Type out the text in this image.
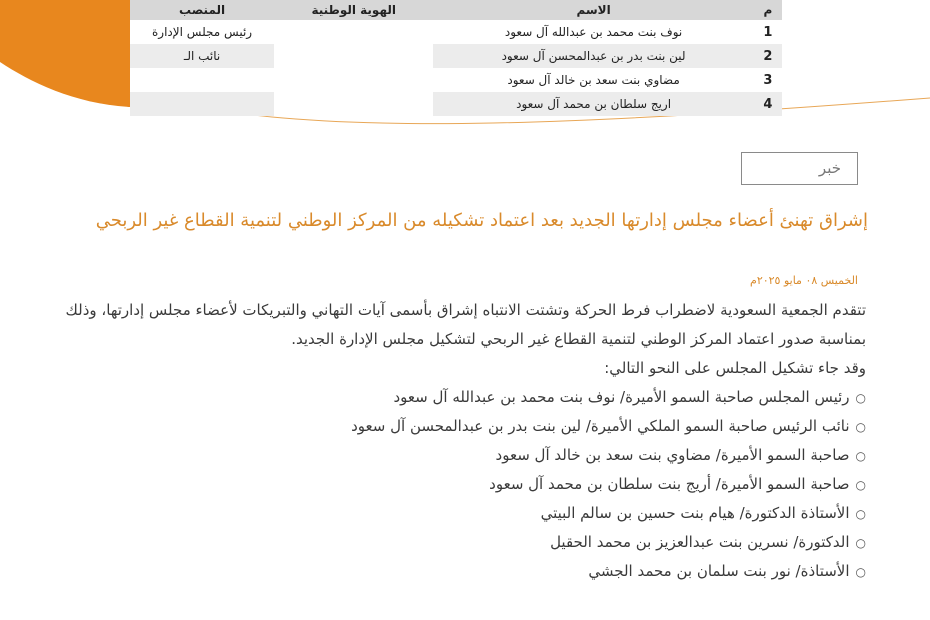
م	الاسم	الهوية الوطنية	المنصب
1	نوف بنت محمد بن عبدالله آل سعود		رئيس مجلس الإدارة
2	لين بنت بدر بن عبدالمحسن آل سعود		نائب الـ
3	مضاوي بنت سعد بن خالد آل سعود		
4	اريج سلطان بن محمد آل سعود		
خبر
إشراق تهنئ أعضاء مجلس إدارتها الجديد بعد اعتماد تشكيله من المركز الوطني لتنمية القطاع غير الربحي
الخميس ٠٨ مايو ٢٠٢٥م

تتقدم الجمعية السعودية لاضطراب فرط الحركة وتشتت الانتباه إشراق بأسمى آيات التهاني والتبريكات لأعضاء مجلس إدارتها، وذلك بمناسبة صدور اعتماد المركز الوطني لتنمية القطاع غير الربحي لتشكيل مجلس الإدارة الجديد.

وقد جاء تشكيل المجلس على النحو التالي:

○رئيس المجلس صاحبة السمو الأميرة/ نوف بنت محمد بن عبدالله آل سعود
○نائب الرئيس صاحبة السمو الملكي الأميرة/ لين بنت بدر بن عبدالمحسن آل سعود
○صاحبة السمو الأميرة/ مضاوي بنت سعد بن خالد آل سعود
○صاحبة السمو الأميرة/ أريج بنت سلطان بن محمد آل سعود
○الأستاذة الدكتورة/ هيام بنت حسين بن سالم البيتي
○الدكتورة/ نسرين بنت عبدالعزيز بن محمد الحقيل
○الأستاذة/ نور بنت سلمان بن محمد الجشي
